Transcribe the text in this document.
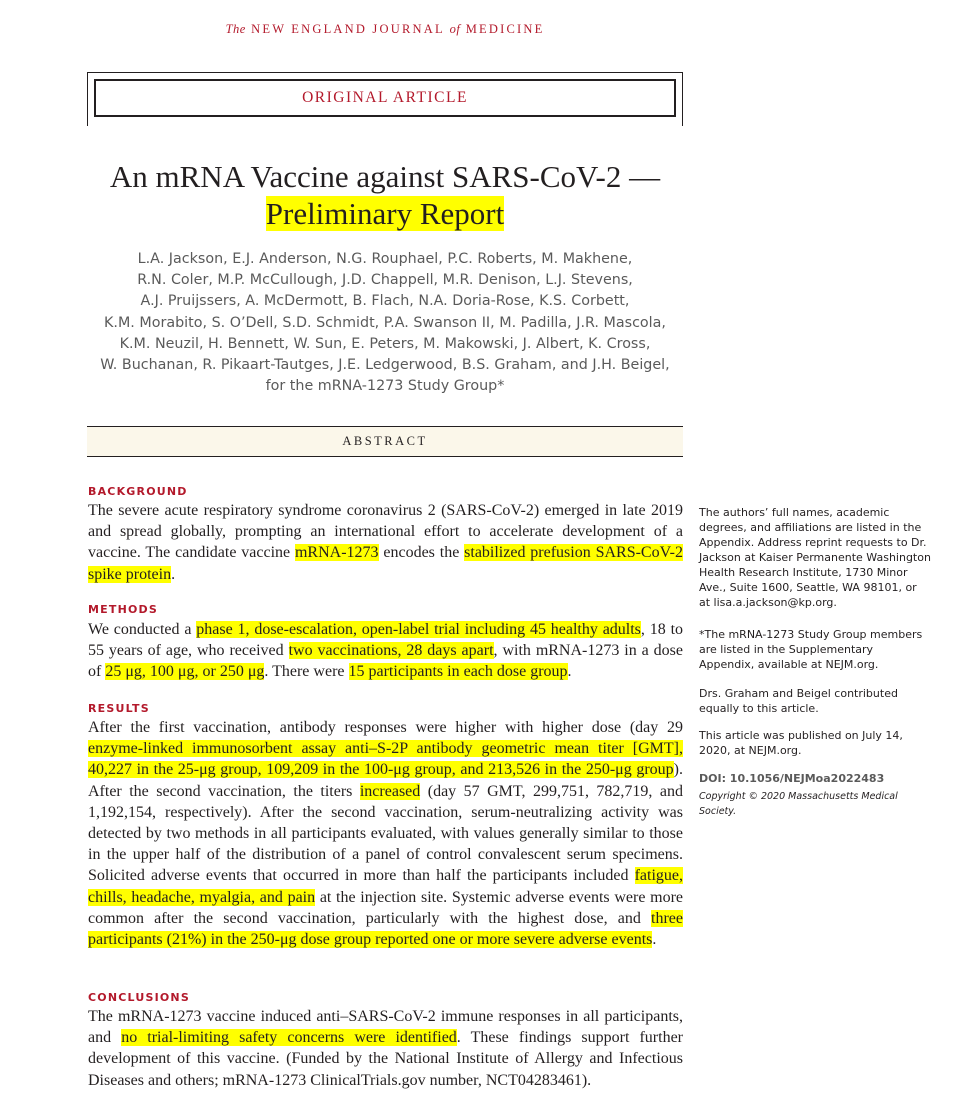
The NEW ENGLAND JOURNAL of MEDICINE
ORIGINAL ARTICLE
An mRNA Vaccine against SARS-CoV-2 —
Preliminary Report
L.A. Jackson, E.J. Anderson, N.G. Rouphael, P.C. Roberts, M. Makhene,
R.N. Coler, M.P. McCullough, J.D. Chappell, M.R. Denison, L.J. Stevens,
A.J. Pruijssers, A. McDermott, B. Flach, N.A. Doria-Rose, K.S. Corbett,
K.M. Morabito, S. O’Dell, S.D. Schmidt, P.A. Swanson II, M. Padilla, J.R. Mascola,
K.M. Neuzil, H. Bennett, W. Sun, E. Peters, M. Makowski, J. Albert, K. Cross,
W. Buchanan, R. Pikaart-Tautges, J.E. Ledgerwood, B.S. Graham, and J.H. Beigel,
for the mRNA-1273 Study Group*
ABSTRACT
BACKGROUND
The severe acute respiratory syndrome coronavirus 2 (SARS-CoV-2) emerged in late 2019 and spread globally, prompting an international effort to accelerate development of a vaccine. The candidate vaccine mRNA-1273 encodes the stabilized prefusion SARS-CoV-2 spike protein.
METHODS
We conducted a phase 1, dose-escalation, open-label trial including 45 healthy adults, 18 to 55 years of age, who received two vaccinations, 28 days apart, with mRNA-1273 in a dose of 25 μg, 100 μg, or 250 μg. There were 15 participants in each dose group.
RESULTS
After the first vaccination, antibody responses were higher with higher dose (day 29 enzyme-linked immunosorbent assay anti–S-2P antibody geometric mean titer [GMT], 40,227 in the 25-μg group, 109,209 in the 100-μg group, and 213,526 in the 250-μg group). After the second vaccination, the titers increased (day 57 GMT, 299,751, 782,719, and 1,192,154, respectively). After the second vaccination, serum-neutralizing activity was detected by two methods in all participants evaluated, with values generally similar to those in the upper half of the distribution of a panel of control convalescent serum specimens. Solicited adverse events that occurred in more than half the participants included fatigue, chills, headache, myalgia, and pain at the injection site. Systemic adverse events were more common after the second vaccination, particularly with the highest dose, and three participants (21%) in the 250-μg dose group reported one or more severe adverse events.
CONCLUSIONS
The mRNA-1273 vaccine induced anti–SARS-CoV-2 immune responses in all participants, and no trial-limiting safety concerns were identified. These findings support further development of this vaccine. (Funded by the National Institute of Allergy and Infectious Diseases and others; mRNA-1273 ClinicalTrials.gov number, NCT04283461).
The authors’ full names, academic degrees, and affiliations are listed in the Appendix. Address reprint requests to Dr. Jackson at Kaiser Permanente Washington Health Research Institute, 1730 Minor Ave., Suite 1600, Seattle, WA 98101, or at lisa.a.jackson@kp.org.
*The mRNA-1273 Study Group members are listed in the Supplementary Appendix, available at NEJM.org.
Drs. Graham and Beigel contributed equally to this article.
This article was published on July 14, 2020, at NEJM.org.
DOI: 10.1056/NEJMoa2022483
Copyright © 2020 Massachusetts Medical Society.
